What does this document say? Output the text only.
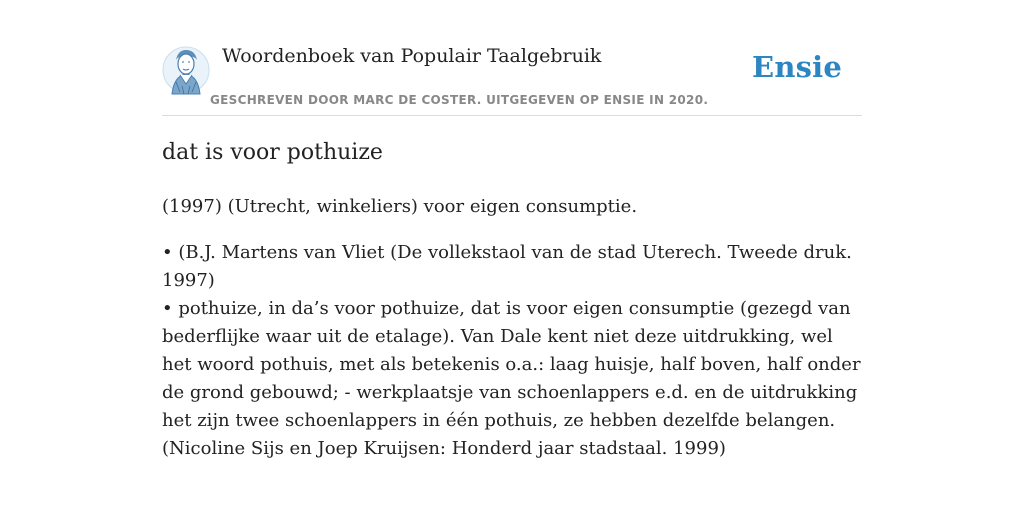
Woordenboek van Populair Taalgebruik	Ensie
GESCHREVEN DOOR MARC DE COSTER. UITGEGEVEN OP ENSIE IN 2020.
dat is voor pothuize

(1997) (Utrecht, winkeliers) voor eigen consumptie.

• (B.J. Martens van Vliet (De vollekstaol van de stad Uterech. Tweede druk. 1997)
• pothuize, in da’s voor pothuize, dat is voor eigen consumptie (gezegd van bederflijke waar uit de etalage). Van Dale kent niet deze uitdrukking, wel het woord pothuis, met als betekenis o.a.: laag huisje, half boven, half onder de grond gebouwd; - werkplaatsje van schoenlappers e.d. en de uitdrukking het zijn twee schoenlappers in één pothuis, ze hebben dezelfde belangen. (Nicoline Sijs en Joep Kruijsen: Honderd jaar stadstaal. 1999)
